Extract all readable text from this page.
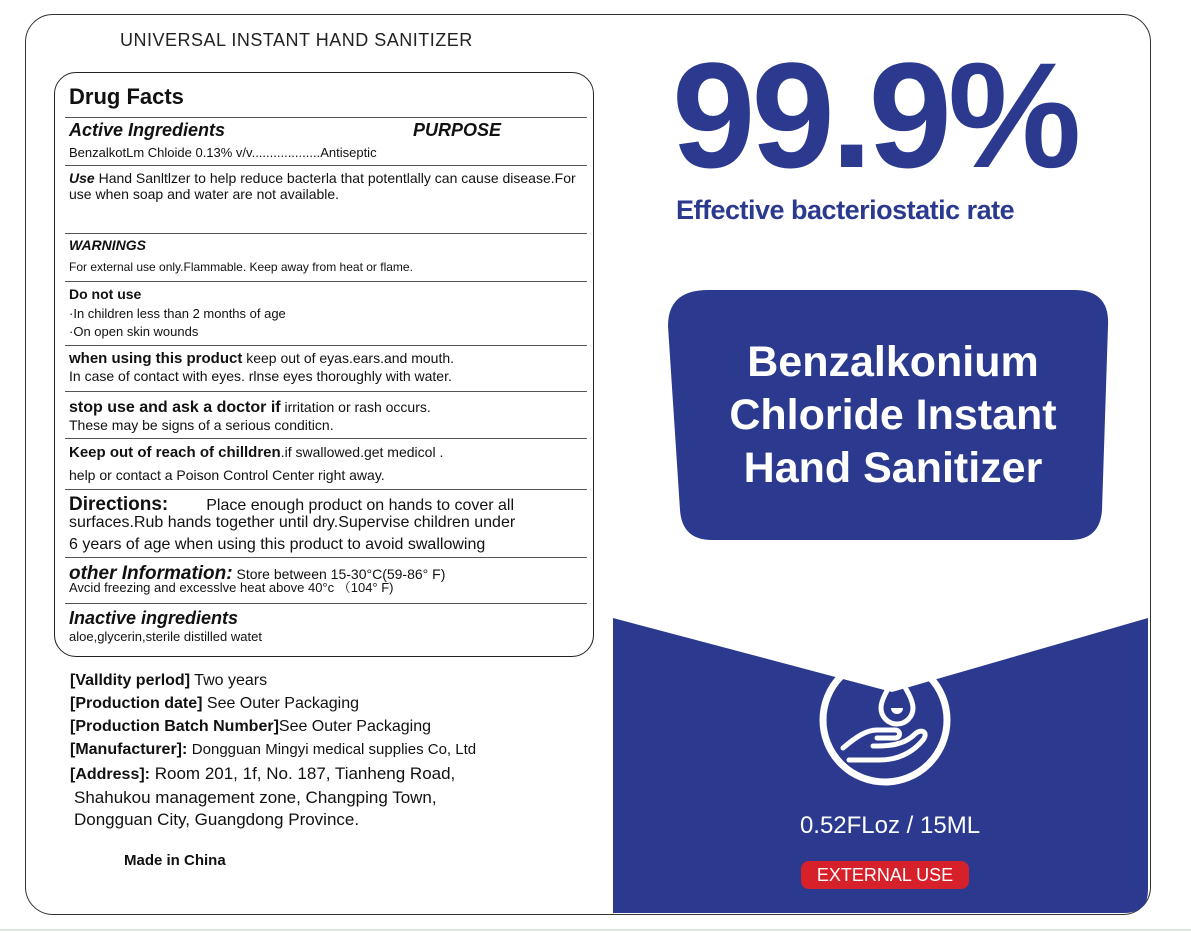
UNIVERSAL INSTANT HAND SANITIZER
Drug Facts
Active Ingredients	PURPOSE
BenzalkotLm Chloide 0.13% v/v...................Antiseptic
Use Hand Sanltlzer to help reduce bacterla that potentlally can cause disease.For use when soap and water are not available.
WARNINGS
For external use only.Flammable. Keep away from heat or flame.
Do not use
·In children less than 2 months of age
·On open skin wounds
when using this product keep out of eyas.ears.and mouth.
In case of contact with eyes. rlnse eyes thoroughly with water.
stop use and ask a doctor if irritation or rash occurs.
These may be signs of a serious conditicn.
Keep out of reach of chilldren.if swallowed.get medicol .
help or contact a Poison Control Center right away.
Directions: Place enough product on hands to cover all
surfaces.Rub hands together until dry.Supervise children under
6 years of age when using this product to avoid swallowing
other Information: Store between 15-30°C(59-86° F)
Avcid freezing and excesslve heat above 40°c （104° F)
Inactive ingredients
aloe,glycerin,sterile distilled watet
[Valldity perlod] Two years
[Production date] See Outer Packaging
[Production Batch Number]See Outer Packaging
[Manufacturer]: Dongguan Mingyi medical supplies Co, Ltd
[Address]: Room 201, 1f, No. 187, Tianheng Road,
Shahukou management zone, Changping Town,
Dongguan City, Guangdong Province.
Made in China
99.9%
Effective bacteriostatic rate
Benzalkonium
Chloride Instant
Hand Sanitizer
0.52FLoz / 15ML
EXTERNAL USE
